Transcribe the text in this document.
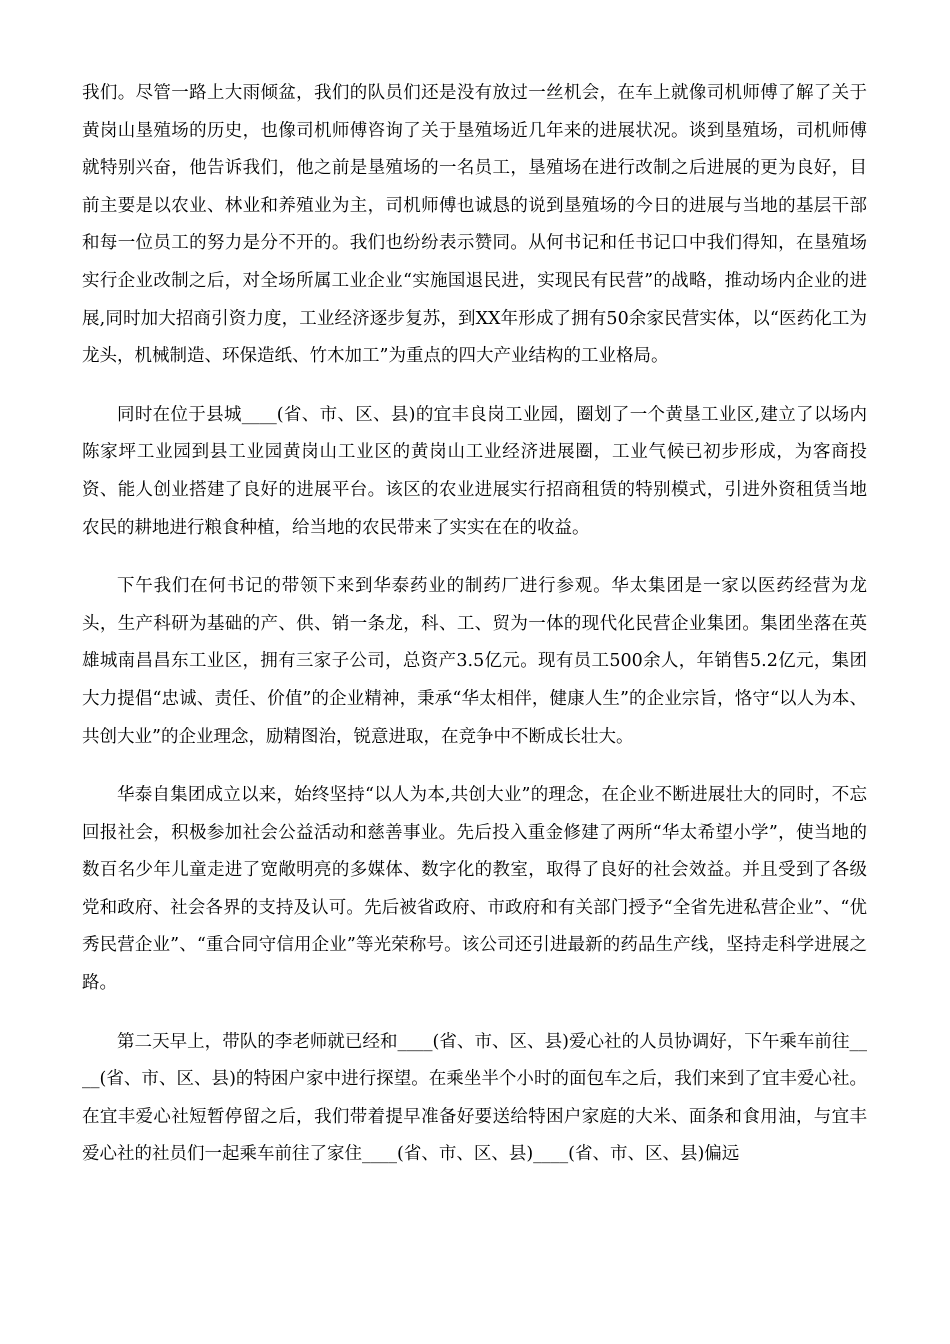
我们。尽管一路上大雨倾盆，我们的队员们还是没有放过一丝机会，在车上就像司机师傅了解了关于黄岗山垦殖场的历史，也像司机师傅咨询了关于垦殖场近几年来的进展状况。谈到垦殖场，司机师傅就特别兴奋，他告诉我们，他之前是垦殖场的一名员工，垦殖场在进行改制之后进展的更为良好，目前主要是以农业、林业和养殖业为主，司机师傅也诚恳的说到垦殖场的今日的进展与当地的基层干部和每一位员工的努力是分不开的。我们也纷纷表示赞同。从何书记和任书记口中我们得知，在垦殖场实行企业改制之后，对全场所属工业企业“实施国退民进，实现民有民营”的战略，推动场内企业的进展,同时加大招商引资力度，工业经济逐步复苏，到XX年形成了拥有50余家民营实体，以“医药化工为龙头，机械制造、环保造纸、竹木加工”为重点的四大产业结构的工业格局。

同时在位于县城____(省、市、区、县)的宜丰良岗工业园，圈划了一个黄垦工业区,建立了以场内陈家坪工业园到县工业园黄岗山工业区的黄岗山工业经济进展圈，工业气候已初步形成，为客商投资、能人创业搭建了良好的进展平台。该区的农业进展实行招商租赁的特别模式，引进外资租赁当地农民的耕地进行粮食种植，给当地的农民带来了实实在在的收益。

下午我们在何书记的带领下来到华泰药业的制药厂进行参观。华太集团是一家以医药经营为龙头，生产科研为基础的产、供、销一条龙，科、工、贸为一体的现代化民营企业集团。集团坐落在英雄城南昌昌东工业区，拥有三家子公司，总资产3.5亿元。现有员工500余人，年销售5.2亿元，集团大力提倡“忠诚、责任、价值”的企业精神，秉承“华太相伴，健康人生”的企业宗旨，恪守“以人为本、共创大业”的企业理念，励精图治，锐意进取，在竞争中不断成长壮大。

华泰自集团成立以来，始终坚持“以人为本,共创大业”的理念，在企业不断进展壮大的同时，不忘回报社会，积极参加社会公益活动和慈善事业。先后投入重金修建了两所“华太希望小学”，使当地的数百名少年儿童走进了宽敞明亮的多媒体、数字化的教室，取得了良好的社会效益。并且受到了各级党和政府、社会各界的支持及认可。先后被省政府、市政府和有关部门授予“全省先进私营企业”、“优秀民营企业”、“重合同守信用企业”等光荣称号。该公司还引进最新的药品生产线，坚持走科学进展之路。

第二天早上，带队的李老师就已经和____(省、市、区、县)爱心社的人员协调好，下午乘车前往____(省、市、区、县)的特困户家中进行探望。在乘坐半个小时的面包车之后，我们来到了宜丰爱心社。在宜丰爱心社短暂停留之后，我们带着提早准备好要送给特困户家庭的大米、面条和食用油，与宜丰爱心社的社员们一起乘车前往了家住____(省、市、区、县)____(省、市、区、县)偏远
